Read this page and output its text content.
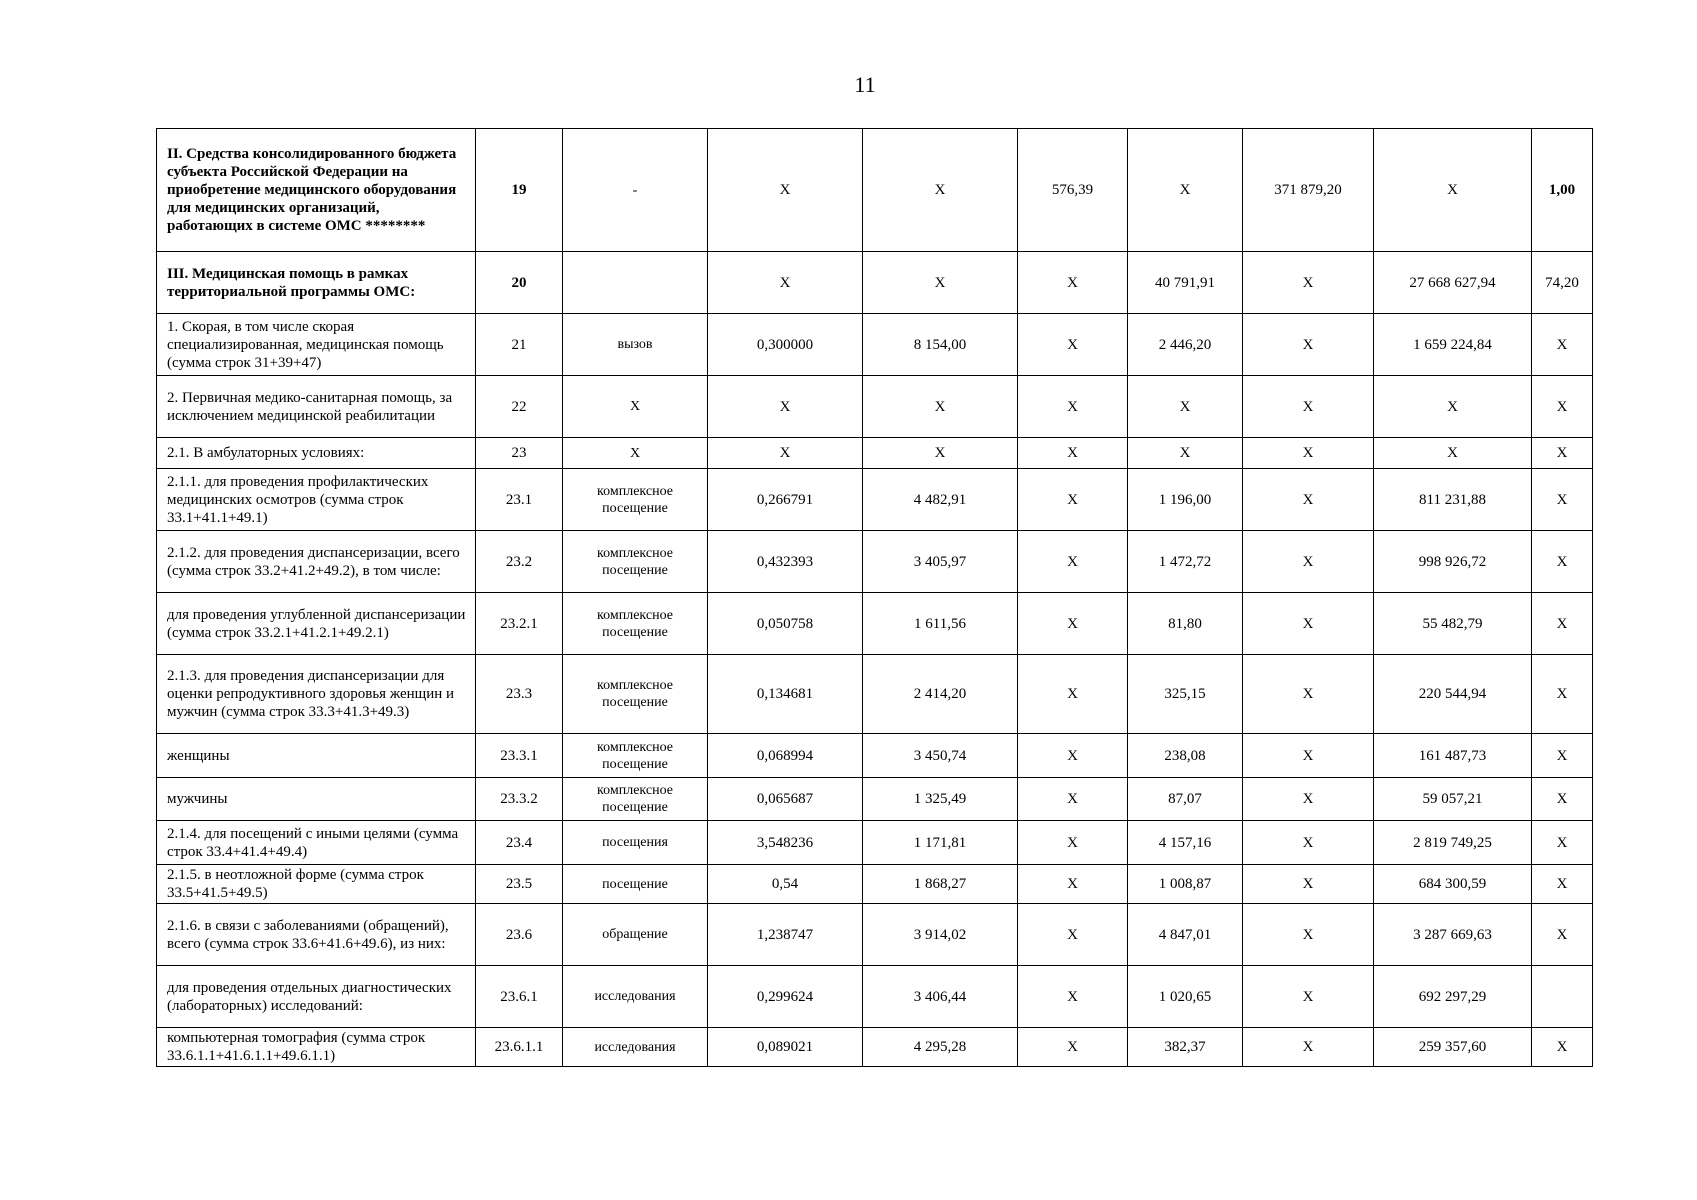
11
II. Средства консолидированного бюджета субъекта Российской Федерации на приобретение медицинского оборудования для медицинских организаций, работающих в системе ОМС ********	19	-	Х	Х	576,39	Х	371 879,20	Х	1,00
III. Медицинская помощь в рамках территориальной программы ОМС:	20		Х	Х	Х	40 791,91	Х	27 668 627,94	74,20
1. Скорая, в том числе скорая специализированная, медицинская помощь (сумма строк 31+39+47)	21	вызов	0,300000	8 154,00	Х	2 446,20	Х	1 659 224,84	Х
2. Первичная медико-санитарная помощь, за исключением медицинской реабилитации	22	Х	Х	Х	Х	Х	Х	Х	Х
2.1. В амбулаторных условиях:	23	Х	Х	Х	Х	Х	Х	Х	Х
2.1.1. для проведения профилактических медицинских осмотров (сумма строк 33.1+41.1+49.1)	23.1	комплексное посещение	0,266791	4 482,91	Х	1 196,00	Х	811 231,88	Х
2.1.2. для проведения диспансеризации, всего (сумма строк 33.2+41.2+49.2), в том числе:	23.2	комплексное посещение	0,432393	3 405,97	Х	1 472,72	Х	998 926,72	Х
для проведения углубленной диспансеризации (сумма строк 33.2.1+41.2.1+49.2.1)	23.2.1	комплексное посещение	0,050758	1 611,56	Х	81,80	Х	55 482,79	Х
2.1.3. для проведения диспансеризации для оценки репродуктивного здоровья женщин и мужчин (сумма строк 33.3+41.3+49.3)	23.3	комплексное посещение	0,134681	2 414,20	Х	325,15	Х	220 544,94	Х
женщины	23.3.1	комплексное посещение	0,068994	3 450,74	Х	238,08	Х	161 487,73	Х
мужчины	23.3.2	комплексное посещение	0,065687	1 325,49	Х	87,07	Х	59 057,21	Х
2.1.4. для посещений с иными целями (сумма строк 33.4+41.4+49.4)	23.4	посещения	3,548236	1 171,81	Х	4 157,16	Х	2 819 749,25	Х
2.1.5. в неотложной форме (сумма строк 33.5+41.5+49.5)	23.5	посещение	0,54	1 868,27	Х	1 008,87	Х	684 300,59	Х
2.1.6. в связи с заболеваниями (обращений), всего (сумма строк 33.6+41.6+49.6), из них:	23.6	обращение	1,238747	3 914,02	Х	4 847,01	Х	3 287 669,63	Х
для проведения отдельных диагностических (лабораторных) исследований:	23.6.1	исследования	0,299624	3 406,44	Х	1 020,65	Х	692 297,29	
компьютерная томография (сумма строк 33.6.1.1+41.6.1.1+49.6.1.1)	23.6.1.1	исследования	0,089021	4 295,28	Х	382,37	Х	259 357,60	Х
